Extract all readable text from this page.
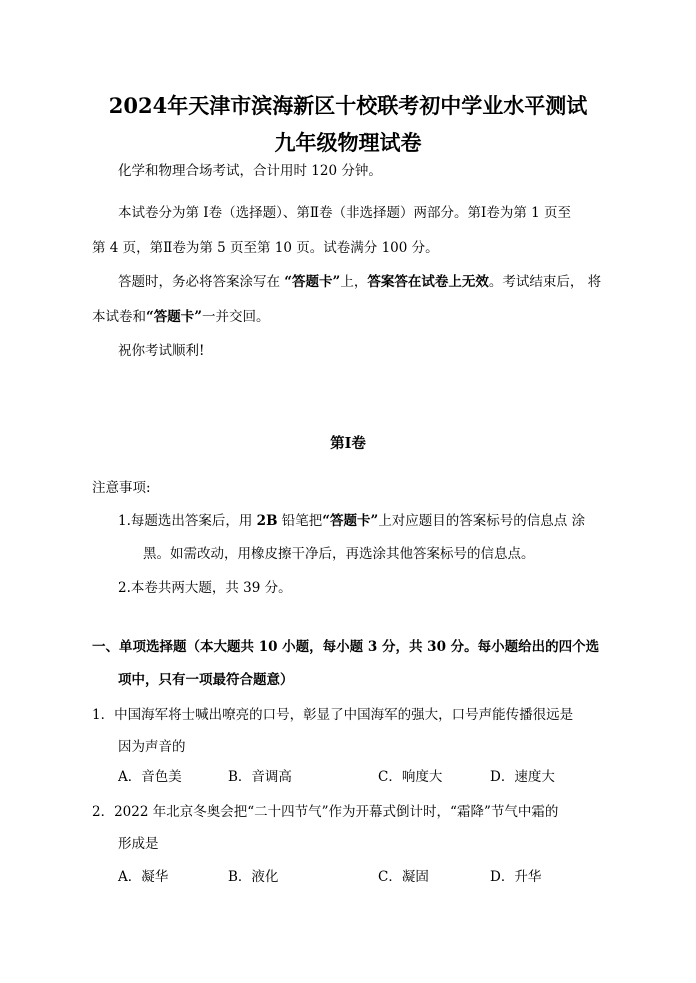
2024年天津市滨海新区十校联考初中学业水平测试
九年级物理试卷
化学和物理合场考试，合计用时 120 分钟。
本试卷分为第 Ⅰ卷（选择题）、第Ⅱ卷（非选择题）两部分。第Ⅰ卷为第 1 页至
第 4 页，第Ⅱ卷为第 5 页至第 10 页。试卷满分 100 分。
答题时，务必将答案涂写在 “答题卡”上，答案答在试卷上无效。考试结束后， 将
本试卷和“答题卡”一并交回。
祝你考试顺利!
第Ⅰ卷
注意事项:
1.每题选出答案后，用 2B 铅笔把“答题卡”上对应题目的答案标号的信息点 涂
黑。如需改动，用橡皮擦干净后，再选涂其他答案标号的信息点。
2.本卷共两大题，共 39 分。
一、单项选择题（本大题共 10 小题，每小题 3 分，共 30 分。每小题给出的四个选
项中，只有一项最符合题意）
1．中国海军将士喊出嘹亮的口号，彰显了中国海军的强大，口号声能传播很远是
因为声音的
A．音色美	B．音调高	C．响度大	D．速度大
2．2022 年北京冬奥会把“二十四节气”作为开幕式倒计时，“霜降”节气中霜的
形成是
A．凝华	B．液化	C．凝固	D．升华
